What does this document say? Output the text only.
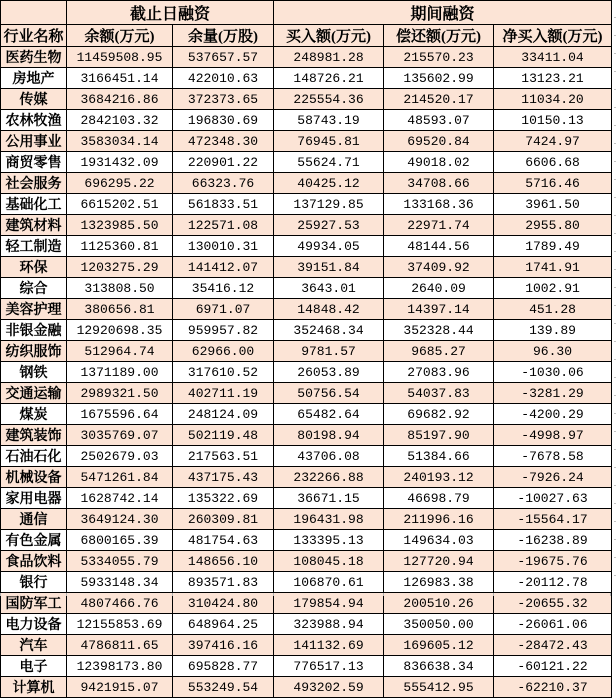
	截止日融资		期间融资		
行业名称	余额(万元)	余量(万股)	买入额(万元)	偿还额(万元)	净买入额(万元)
医药生物	11459508.95	537657.57	248981.28	215570.23	33411.04
房地产	3166451.14	422010.63	148726.21	135602.99	13123.21
传媒	3684216.86	372373.65	225554.36	214520.17	11034.20
农林牧渔	2842103.32	196830.69	58743.19	48593.07	10150.13
公用事业	3583034.14	472348.30	76945.81	69520.84	7424.97
商贸零售	1931432.09	220901.22	55624.71	49018.02	6606.68
社会服务	696295.22	66323.76	40425.12	34708.66	5716.46
基础化工	6615202.51	561833.51	137129.85	133168.36	3961.50
建筑材料	1323985.50	122571.08	25927.53	22971.74	2955.80
轻工制造	1125360.81	130010.31	49934.05	48144.56	1789.49
环保	1203275.29	141412.07	39151.84	37409.92	1741.91
综合	313808.50	35416.12	3643.01	2640.09	1002.91
美容护理	380656.81	6971.07	14848.42	14397.14	451.28
非银金融	12920698.35	959957.82	352468.34	352328.44	139.89
纺织服饰	512964.74	62966.00	9781.57	9685.27	96.30
钢铁	1371189.00	317610.52	26053.89	27083.96	-1030.06
交通运输	2989321.50	402711.19	50756.54	54037.83	-3281.29
煤炭	1675596.64	248124.09	65482.64	69682.92	-4200.29
建筑装饰	3035769.07	502119.48	80198.94	85197.90	-4998.97
石油石化	2502679.03	217563.51	43706.08	51384.66	-7678.58
机械设备	5471261.84	437175.43	232266.88	240193.12	-7926.24
家用电器	1628742.14	135322.69	36671.15	46698.79	-10027.63
通信	3649124.30	260309.81	196431.98	211996.16	-15564.17
有色金属	6800165.39	481754.63	133395.13	149634.03	-16238.89
食品饮料	5334055.79	148656.10	108045.18	127720.94	-19675.76
银行	5933148.34	893571.83	106870.61	126983.38	-20112.78
国防军工	4807466.76	310424.80	179854.94	200510.26	-20655.32
电力设备	12155853.69	648964.25	323988.94	350050.00	-26061.06
汽车	4786811.65	397416.16	141132.69	169605.12	-28472.43
电子	12398173.80	695828.77	776517.13	836638.34	-60121.22
计算机	9421915.07	553249.54	493202.59	555412.95	-62210.37
